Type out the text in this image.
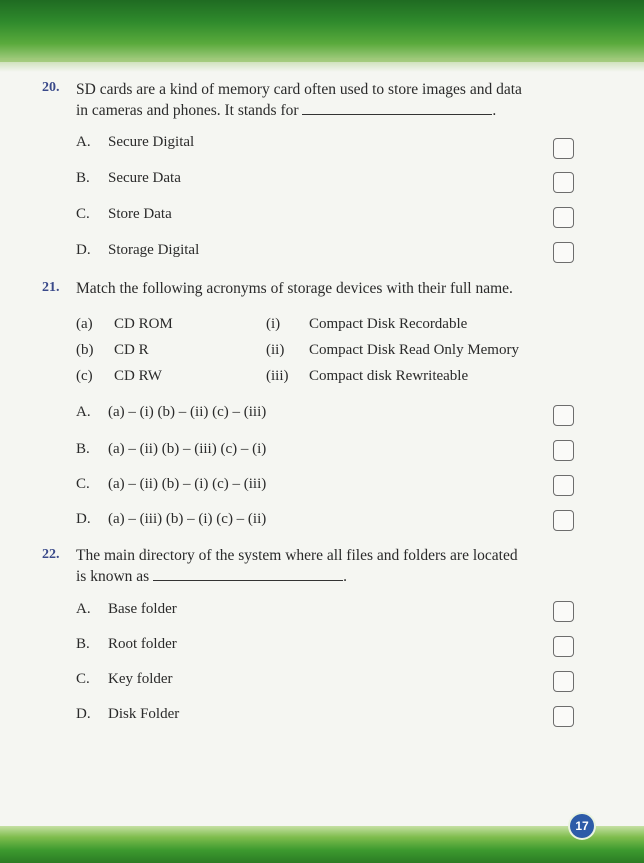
20. SD cards are a kind of memory card often used to store images and data
in cameras and phones. It stands for	.
A. Secure Digital
B. Secure Data
C. Store Data
D. Storage Digital
21. Match the following acronyms of storage devices with their full name.
(a) CD ROM
(b) CD R
(c) CD RW
(i) Compact Disk Recordable
(ii) Compact Disk Read Only Memory
(iii) Compact disk Rewriteable
A. (a) – (i) (b) – (ii) (c) – (iii)
B. (a) – (ii) (b) – (iii) (c) – (i)
C. (a) – (ii) (b) – (i) (c) – (iii)
D. (a) – (iii) (b) – (i) (c) – (ii)
22. The main directory of the system where all files and folders are located
is known as	.
A. Base folder
B. Root folder
C. Key folder
D. Disk Folder
17
